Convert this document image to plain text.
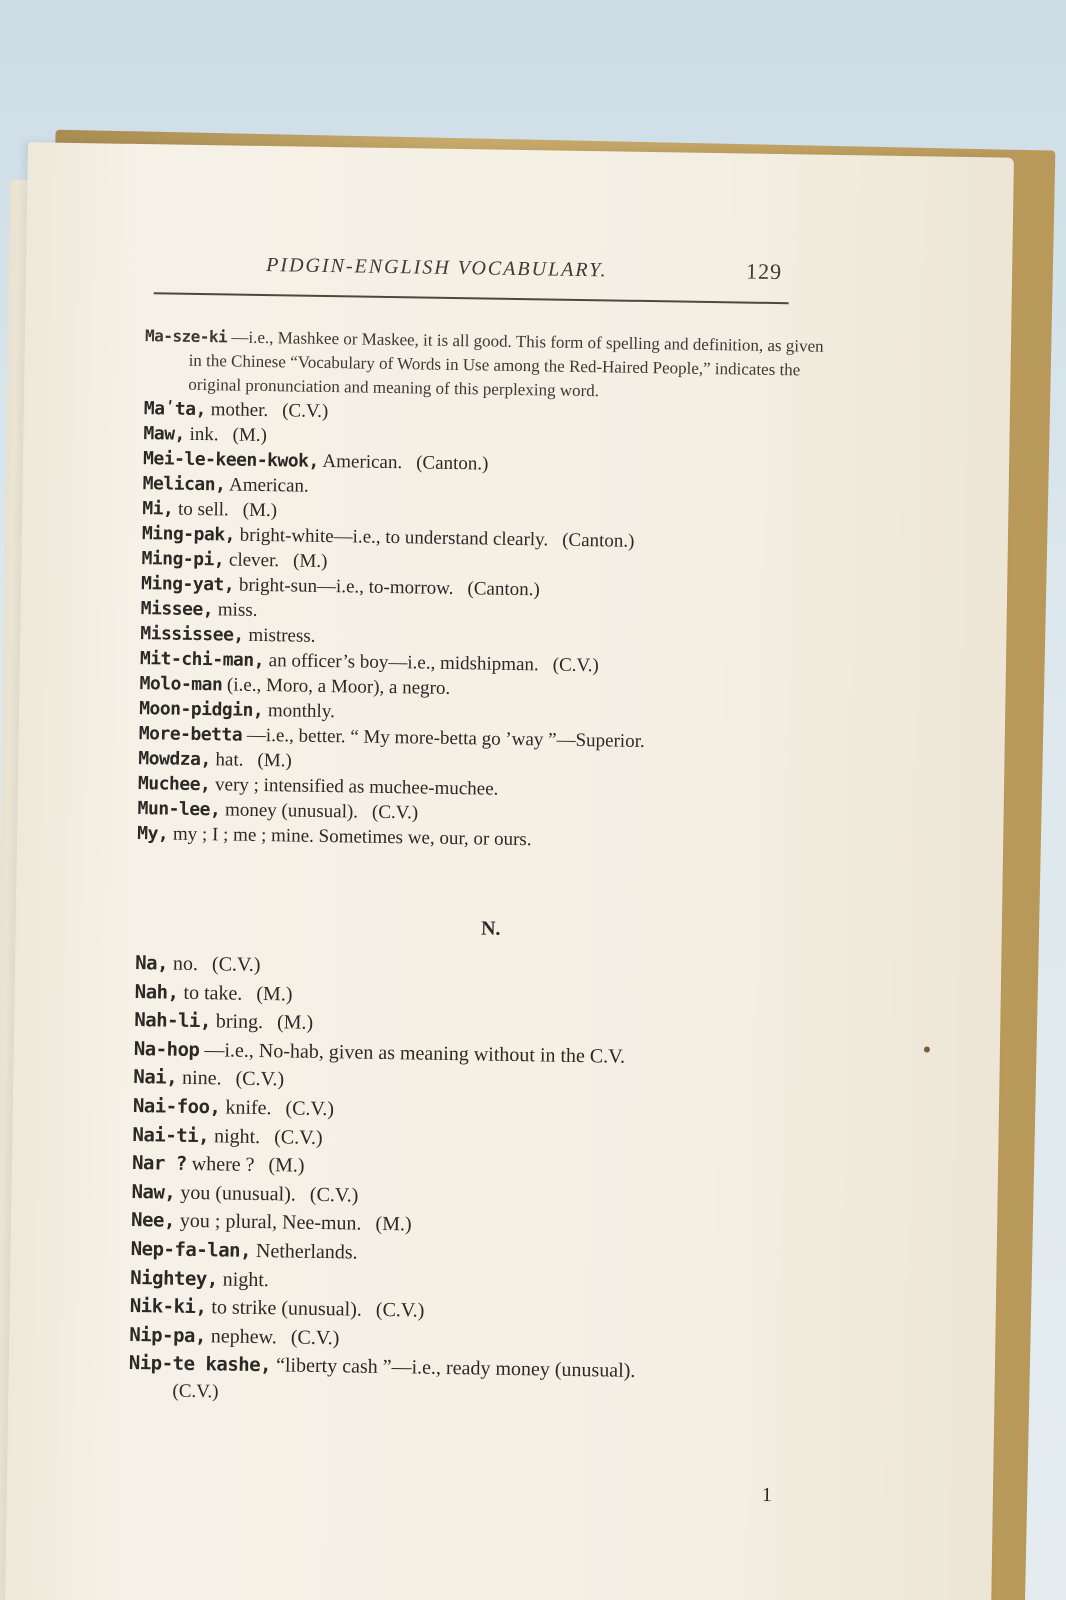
PIDGIN-ENGLISH VOCABULARY.	129
Ma-sze-ki —i.e., Mashkee or Maskee, it is all good. This form of spelling and definition, as given in the Chinese “Vocabulary of Words in Use among the Red-Haired People,” indicates the original pronunciation and meaning of this perplexing word.
Maʹta, mother. (C.V.)
Maw, ink. (M.)
Mei-le-keen-kwok, American. (Canton.)
Melican, American.
Mi, to sell. (M.)
Ming-pak, bright-white—i.e., to understand clearly. (Canton.)
Ming-pi, clever. (M.)
Ming-yat, bright-sun—i.e., to-morrow. (Canton.)
Missee, miss.
Mississee, mistress.
Mit-chi-man, an officer’s boy—i.e., midshipman. (C.V.)
Molo-man (i.e., Moro, a Moor), a negro.
Moon-pidgin, monthly.
More-betta —i.e., better. “ My more-betta go ’way ”—Superior.
Mowdza, hat. (M.)
Muchee, very ; intensified as muchee-muchee.
Mun-lee, money (unusual). (C.V.)
My, my ; I ; me ; mine. Sometimes we, our, or ours.
N.
Na, no. (C.V.)
Nah, to take. (M.)
Nah-li, bring. (M.)
Na-hop —i.e., No-hab, given as meaning without in the C.V.
Nai, nine. (C.V.)
Nai-foo, knife. (C.V.)
Nai-ti, night. (C.V.)
Nar ? where ? (M.)
Naw, you (unusual). (C.V.)
Nee, you ; plural, Nee-mun. (M.)
Nep-fa-lan, Netherlands.
Nightey, night.
Nik-ki, to strike (unusual). (C.V.)
Nip-pa, nephew. (C.V.)
Nip-te kashe, “liberty cash ”—i.e., ready money (unusual).
(C.V.)
1
